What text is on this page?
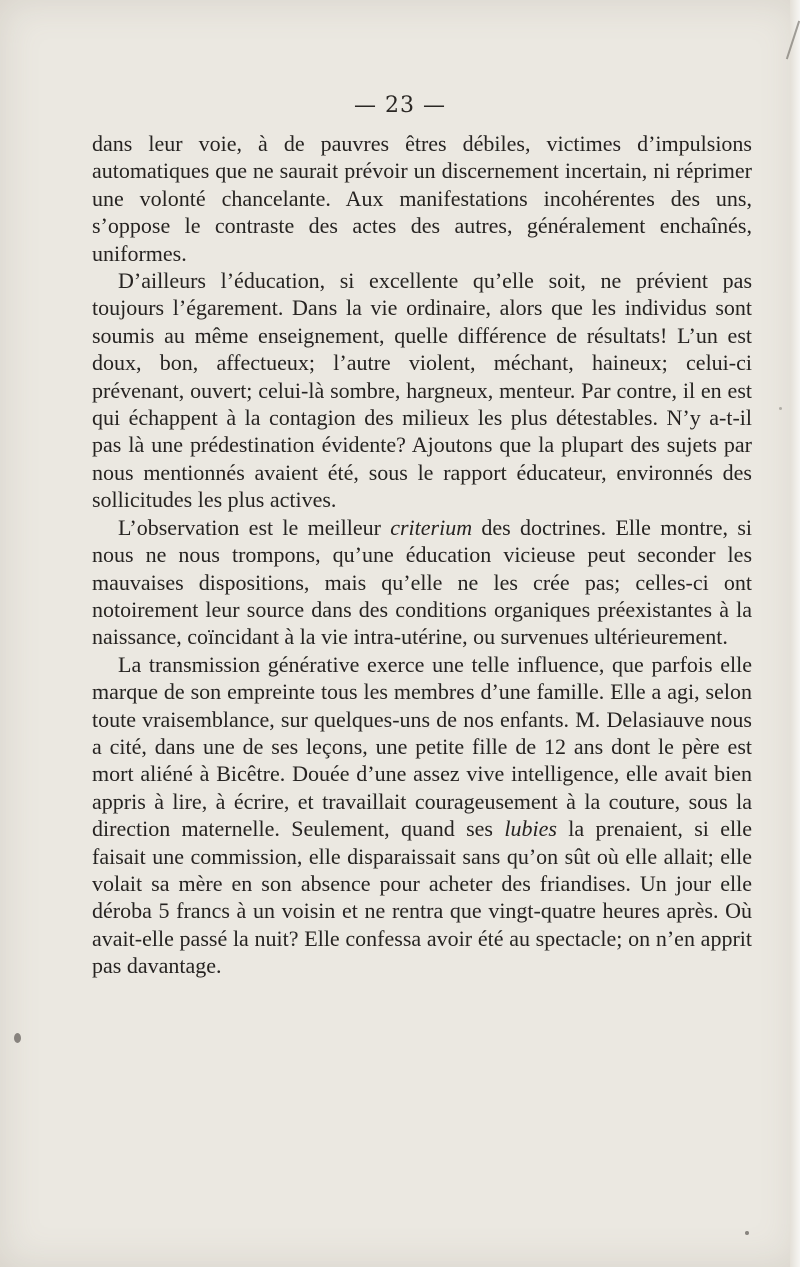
— 23 —

dans leur voie, à de pauvres êtres débiles, victimes d’impulsions automatiques que ne saurait prévoir un discernement incertain, ni réprimer une volonté chancelante. Aux manifestations incohérentes des uns, s’oppose le contraste des actes des autres, généralement enchaînés, uniformes.

D’ailleurs l’éducation, si excellente qu’elle soit, ne prévient pas toujours l’égarement. Dans la vie ordinaire, alors que les individus sont soumis au même enseignement, quelle différence de résultats! L’un est doux, bon, affectueux; l’autre violent, méchant, haineux; celui-ci prévenant, ouvert; celui-là sombre, hargneux, menteur. Par contre, il en est qui échappent à la contagion des milieux les plus détestables. N’y a-t-il pas là une prédestination évidente? Ajoutons que la plupart des sujets par nous mentionnés avaient été, sous le rapport éducateur, environnés des sollicitudes les plus actives.

L’observation est le meilleur criterium des doctrines. Elle montre, si nous ne nous trompons, qu’une éducation vicieuse peut seconder les mauvaises dispositions, mais qu’elle ne les crée pas; celles-ci ont notoirement leur source dans des conditions organiques préexistantes à la naissance, coïncidant à la vie intra-utérine, ou survenues ultérieurement.

La transmission générative exerce une telle influence, que parfois elle marque de son empreinte tous les membres d’une famille. Elle a agi, selon toute vraisemblance, sur quelques-uns de nos enfants. M. Delasiauve nous a cité, dans une de ses leçons, une petite fille de 12 ans dont le père est mort aliéné à Bicêtre. Douée d’une assez vive intelligence, elle avait bien appris à lire, à écrire, et travaillait courageusement à la couture, sous la direction maternelle. Seulement, quand ses lubies la prenaient, si elle faisait une commission, elle disparaissait sans qu’on sût où elle allait; elle volait sa mère en son absence pour acheter des friandises. Un jour elle déroba 5 francs à un voisin et ne rentra que vingt-quatre heures après. Où avait-elle passé la nuit? Elle confessa avoir été au spectacle; on n’en apprit pas davantage.
